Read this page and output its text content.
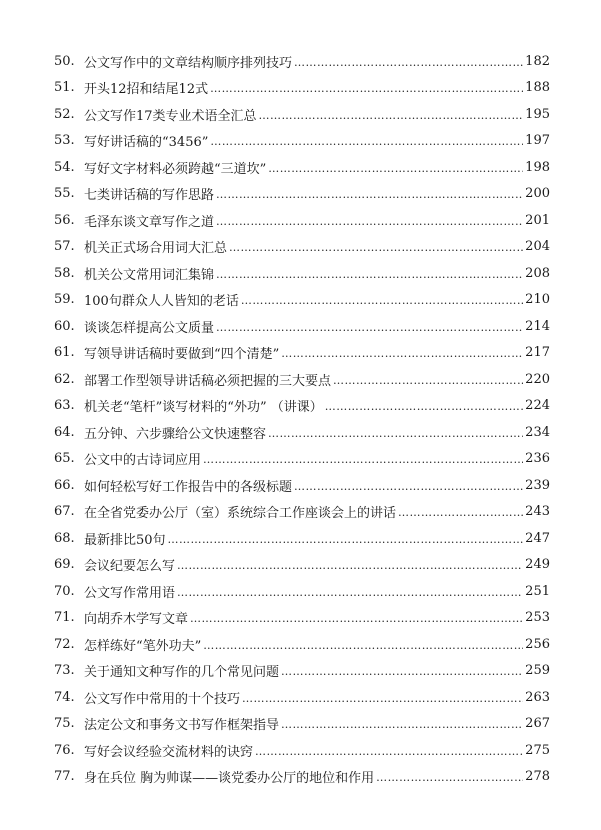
50. 公文写作中的文章结构顺序排列技巧 …………………………………………………………………………………………………………………………………………………………………………………………	182
51. 开头12招和结尾12式 …………………………………………………………………………………………………………………………………………………………………………………………	188
52. 公文写作17类专业术语全汇总 …………………………………………………………………………………………………………………………………………………………………………………………	195
53. 写好讲话稿的“3456” …………………………………………………………………………………………………………………………………………………………………………………………	197
54. 写好文字材料必须跨越“三道坎” …………………………………………………………………………………………………………………………………………………………………………………………	198
55. 七类讲话稿的写作思路 …………………………………………………………………………………………………………………………………………………………………………………………	200
56. 毛泽东谈文章写作之道 …………………………………………………………………………………………………………………………………………………………………………………………	201
57. 机关正式场合用词大汇总 …………………………………………………………………………………………………………………………………………………………………………………………	204
58. 机关公文常用词汇集锦 …………………………………………………………………………………………………………………………………………………………………………………………	208
59. 100句群众人人皆知的老话 …………………………………………………………………………………………………………………………………………………………………………………………	210
60. 谈谈怎样提高公文质量 …………………………………………………………………………………………………………………………………………………………………………………………	214
61. 写领导讲话稿时要做到“四个清楚” …………………………………………………………………………………………………………………………………………………………………………………………	217
62. 部署工作型领导讲话稿必须把握的三大要点 …………………………………………………………………………………………………………………………………………………………………………………………	220
63. 机关老“笔杆”谈写材料的“外功” （讲课） …………………………………………………………………………………………………………………………………………………………………………………………	224
64. 五分钟、六步骤给公文快速整容 …………………………………………………………………………………………………………………………………………………………………………………………	234
65. 公文中的古诗词应用 …………………………………………………………………………………………………………………………………………………………………………………………	236
66. 如何轻松写好工作报告中的各级标题 …………………………………………………………………………………………………………………………………………………………………………………………	239
67. 在全省党委办公厅（室）系统综合工作座谈会上的讲话 …………………………………………………………………………………………………………………………………………………………………………………………	243
68. 最新排比50句 …………………………………………………………………………………………………………………………………………………………………………………………	247
69. 会议纪要怎么写 …………………………………………………………………………………………………………………………………………………………………………………………	249
70. 公文写作常用语 …………………………………………………………………………………………………………………………………………………………………………………………	251
71. 向胡乔木学写文章 …………………………………………………………………………………………………………………………………………………………………………………………	253
72. 怎样练好“笔外功夫” …………………………………………………………………………………………………………………………………………………………………………………………	256
73. 关于通知文种写作的几个常见问题 …………………………………………………………………………………………………………………………………………………………………………………………	259
74. 公文写作中常用的十个技巧 …………………………………………………………………………………………………………………………………………………………………………………………	263
75. 法定公文和事务文书写作框架指导 …………………………………………………………………………………………………………………………………………………………………………………………	267
76. 写好会议经验交流材料的诀窍 …………………………………………………………………………………………………………………………………………………………………………………………	275
77. 身在兵位 胸为帅谋——谈党委办公厅的地位和作用 …………………………………………………………………………………………………………………………………………………………………………………………	278
